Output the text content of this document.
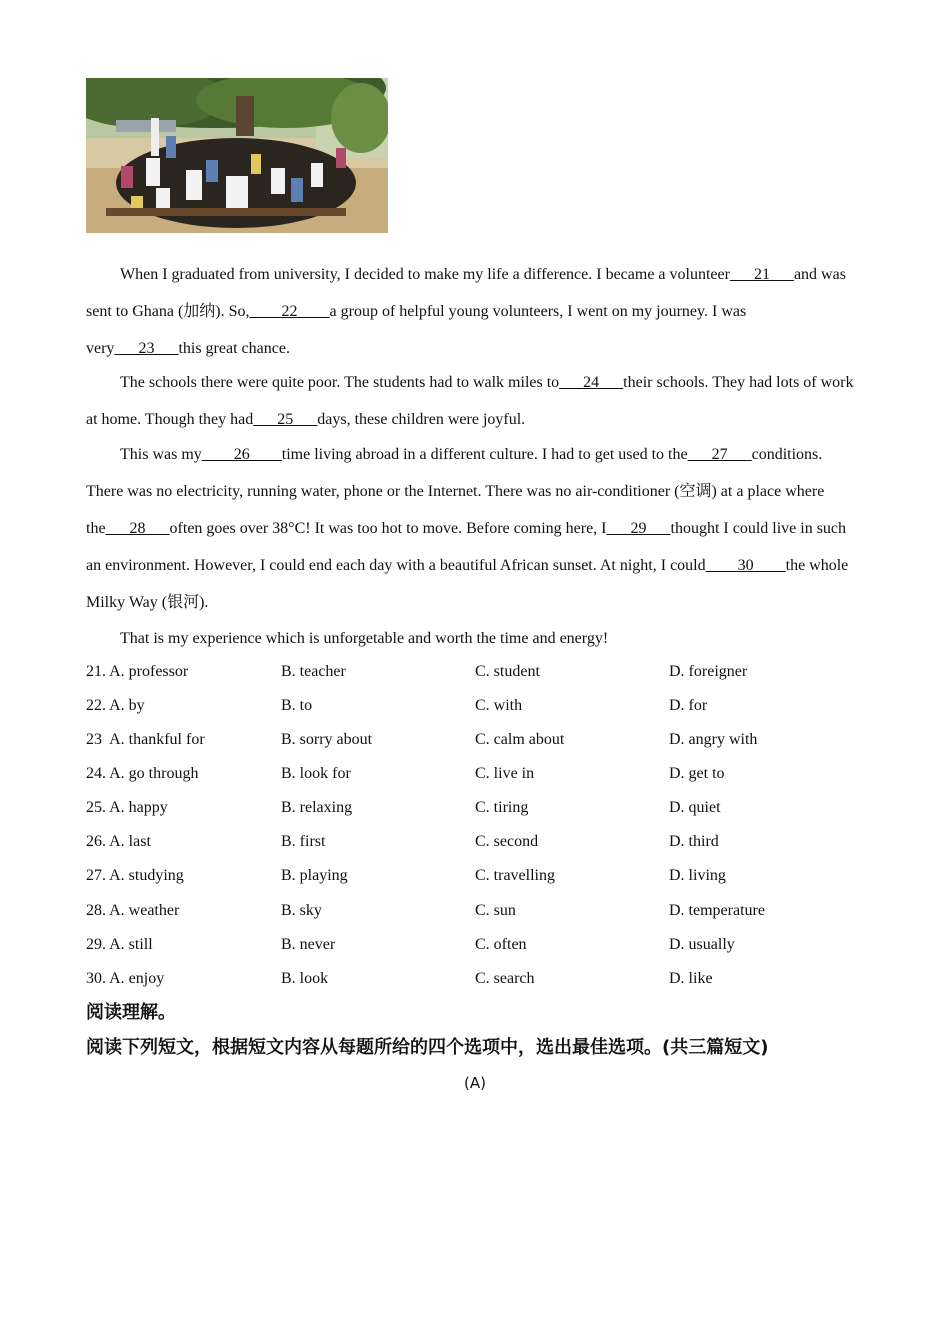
When I graduated from university, I decided to make my life a difference. I became a volunteer___21___and was sent to Ghana (加纳). So,____22____a group of helpful young volunteers, I went on my journey. I was very___23___this great chance.

The schools there were quite poor. The students had to walk miles to___24___their schools. They had lots of work at home. Though they had___25___days, these children were joyful.

This was my____26____time living abroad in a different culture. I had to get used to the___27___conditions. There was no electricity, running water, phone or the Internet. There was no air-conditioner (空调) at a place where the___28___often goes over 38°C! It was too hot to move. Before coming here, I___29___thought I could live in such an environment. However, I could end each day with a beautiful African sunset. At night, I could____30____the whole Milky Way (银河).

That is my experience which is unforgetable and worth the time and energy!

21. A. professor	B. teacher	C. student	D. foreigner
22. A. by	B. to	C. with	D. for
23  A. thankful for	B. sorry about	C. calm about	D. angry with
24. A. go through	B. look for	C. live in	D. get to
25. A. happy	B. relaxing	C. tiring	D. quiet
26. A. last	B. first	C. second	D. third
27. A. studying	B. playing	C. travelling	D. living
28. A. weather	B. sky	C. sun	D. temperature
29. A. still	B. never	C. often	D. usually
30. A. enjoy	B. look	C. search	D. like
阅读理解。
阅读下列短文，根据短文内容从每题所给的四个选项中，选出最佳选项。(共三篇短文)
(A)
